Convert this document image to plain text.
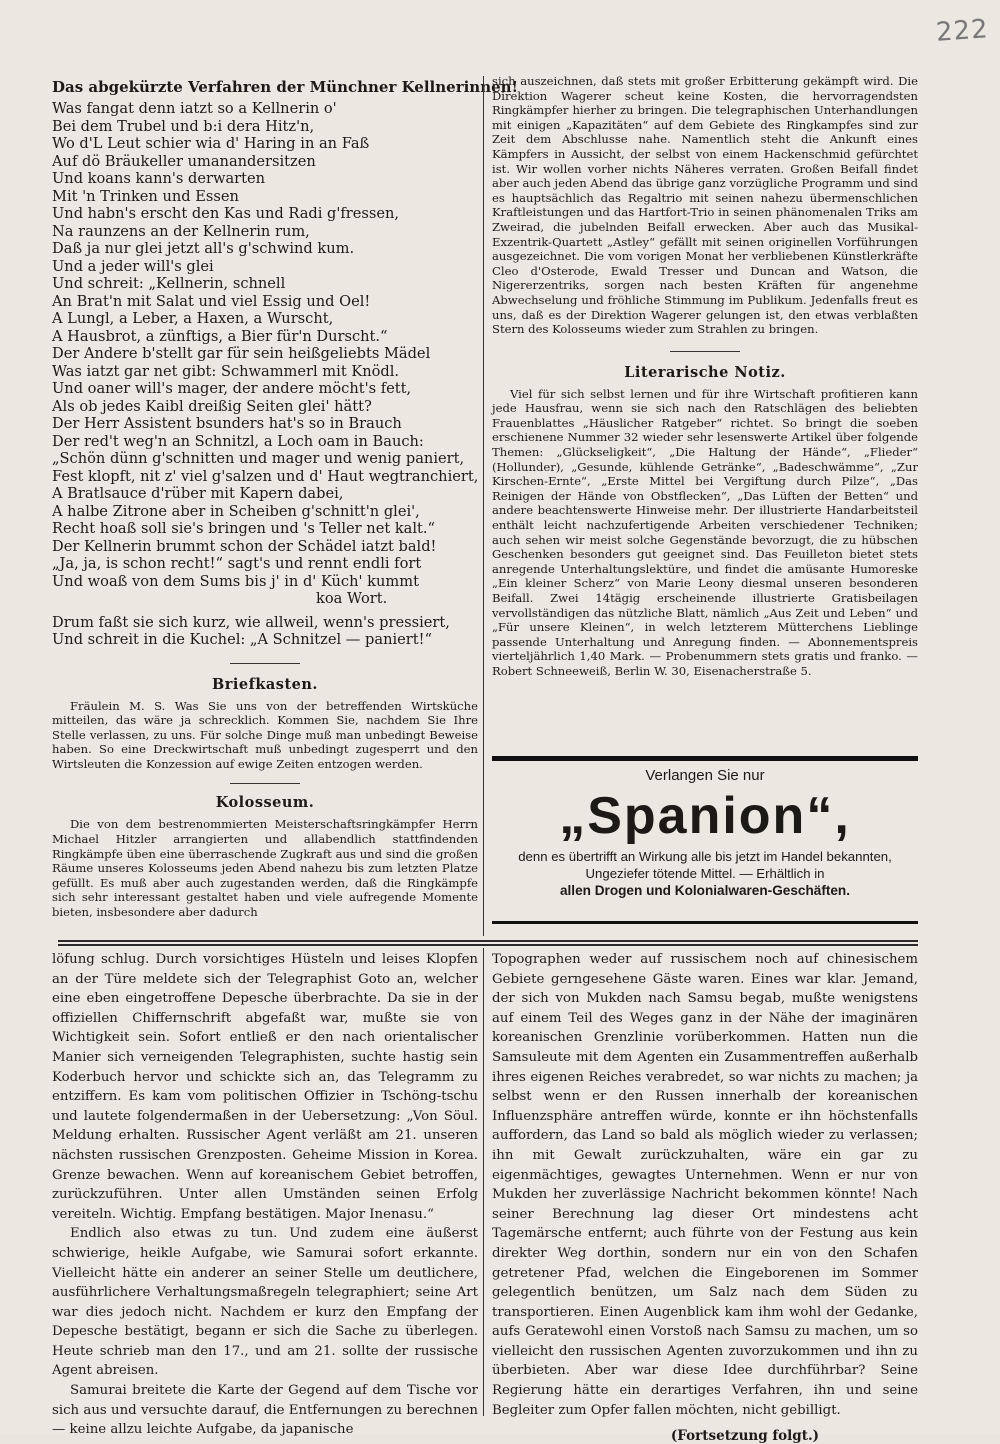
222
Das abgekürzte Verfahren der Münchner Kellnerinnen!
Was fangat denn iatzt so a Kellnerin o'
Bei dem Trubel und b:i dera Hitz'n,
Wo d'L Leut schier wia d' Haring in an Faß
Auf dö Bräukeller umanandersitzen
Und koans kann's derwarten
Mit 'n Trinken und Essen
Und habn's erscht den Kas und Radi g'fressen,
Na raunzens an der Kellnerin rum,
Daß ja nur glei jetzt all's g'schwind kum.
Und a jeder will's glei
Und schreit: „Kellnerin, schnell
An Brat'n mit Salat und viel Essig und Oel!
A Lungl, a Leber, a Haxen, a Wurscht,
A Hausbrot, a zünftigs, a Bier für'n Durscht.“
Der Andere b'stellt gar für sein heißgeliebts Mädel
Was iatzt gar net gibt: Schwammerl mit Knödl.
Und oaner will's mager, der andere möcht's fett,
Als ob jedes Kaibl dreißig Seiten glei' hätt?
Der Herr Assistent bsunders hat's so in Brauch
Der red't weg'n an Schnitzl, a Loch oam in Bauch:
„Schön dünn g'schnitten und mager und wenig paniert,
Fest klopft, nit z' viel g'salzen und d' Haut wegtranchiert,
A Bratlsauce d'rüber mit Kapern dabei,
A halbe Zitrone aber in Scheiben g'schnitt'n glei',
Recht hoaß soll sie's bringen und 's Teller net kalt.“
Der Kellnerin brummt schon der Schädel iatzt bald!
„Ja, ja, is schon recht!“ sagt's und rennt endli fort
Und woaß von dem Sums bis j' in d' Küch' kummt
koa Wort.
Drum faßt sie sich kurz, wie allweil, wenn's pressiert,
Und schreit in die Kuchel: „A Schnitzel — paniert!“
Briefkasten.

Fräulein M. S. Was Sie uns von der betreffenden Wirtsküche mitteilen, das wäre ja schrecklich. Kommen Sie, nachdem Sie Ihre Stelle verlassen, zu uns. Für solche Dinge muß man unbedingt Beweise haben. So eine Dreckwirtschaft muß unbedingt zugesperrt und den Wirtsleuten die Konzession auf ewige Zeiten entzogen werden.

Kolosseum.

Die von dem bestrenommierten Meisterschaftsringkämpfer Herrn Michael Hitzler arrangierten und allabendlich stattfindenden Ringkämpfe üben eine überraschende Zugkraft aus und sind die großen Räume unseres Kolosseums jeden Abend nahezu bis zum letzten Platze gefüllt. Es muß aber auch zugestanden werden, daß die Ringkämpfe sich sehr interessant gestaltet haben und viele aufregende Momente bieten, insbesondere aber dadurch

sich auszeichnen, daß stets mit großer Erbitterung gekämpft wird. Die Direktion Wagerer scheut keine Kosten, die hervorragendsten Ringkämpfer hierher zu bringen. Die telegraphischen Unterhandlungen mit einigen „Kapazitäten“ auf dem Gebiete des Ringkampfes sind zur Zeit dem Abschlusse nahe. Namentlich steht die Ankunft eines Kämpfers in Aussicht, der selbst von einem Hackenschmid gefürchtet ist. Wir wollen vorher nichts Näheres verraten. Großen Beifall findet aber auch jeden Abend das übrige ganz vorzügliche Programm und sind es hauptsächlich das Regaltrio mit seinen nahezu übermenschlichen Kraftleistungen und das Hartfort-Trio in seinen phänomenalen Triks am Zweirad, die jubelnden Beifall erwecken. Aber auch das Musikal-Exzentrik-Quartett „Astley“ gefällt mit seinen originellen Vorführungen ausgezeichnet. Die vom vorigen Monat her verbliebenen Künstlerkräfte Cleo d'Osterode, Ewald Tresser und Duncan and Watson, die Nigererzentriks, sorgen nach besten Kräften für angenehme Abwechselung und fröhliche Stimmung im Publikum. Jedenfalls freut es uns, daß es der Direktion Wagerer gelungen ist, den etwas verblaßten Stern des Kolosseums wieder zum Strahlen zu bringen.

Literarische Notiz.

Viel für sich selbst lernen und für ihre Wirtschaft profitieren kann jede Hausfrau, wenn sie sich nach den Ratschlägen des beliebten Frauenblattes „Häuslicher Ratgeber“ richtet. So bringt die soeben erschienene Nummer 32 wieder sehr lesenswerte Artikel über folgende Themen: „Glückseligkeit“, „Die Haltung der Hände“, „Flieder“ (Hollunder), „Gesunde, kühlende Getränke“, „Badeschwämme“, „Zur Kirschen-Ernte“, „Erste Mittel bei Vergiftung durch Pilze“, „Das Reinigen der Hände von Obstflecken“, „Das Lüften der Betten“ und andere beachtenswerte Hinweise mehr. Der illustrierte Handarbeitsteil enthält leicht nachzufertigende Arbeiten verschiedener Techniken; auch sehen wir meist solche Gegenstände bevorzugt, die zu hübschen Geschenken besonders gut geeignet sind. Das Feuilleton bietet stets anregende Unterhaltungslektüre, und findet die amüsante Humoreske „Ein kleiner Scherz“ von Marie Leony diesmal unseren besonderen Beifall. Zwei 14tägig erscheinende illustrierte Gratisbeilagen vervollständigen das nützliche Blatt, nämlich „Aus Zeit und Leben“ und „Für unsere Kleinen“, in welch letzterem Mütterchens Lieblinge passende Unterhaltung und Anregung finden. — Abonnementspreis vierteljährlich 1,40 Mark. — Probenummern stets gratis und franko. — Robert Schneeweiß, Berlin W. 30, Eisenacherstraße 5.

Verlangen Sie nur
„Spanion“,
denn es übertrifft an Wirkung alle bis jetzt im Handel bekannten, Ungeziefer tötende Mittel. — Erhältlich in
allen Drogen und Kolonialwaren-Geschäften.

löfung schlug. Durch vorsichtiges Hüsteln und leises Klopfen an der Türe meldete sich der Telegraphist Goto an, welcher eine eben eingetroffene Depesche überbrachte. Da sie in der offiziellen Chiffernschrift abgefaßt war, mußte sie von Wichtigkeit sein. Sofort entließ er den nach orientalischer Manier sich verneigenden Telegraphisten, suchte hastig sein Koderbuch hervor und schickte sich an, das Telegramm zu entziffern. Es kam vom politischen Offizier in Tschöng-tschu und lautete folgendermaßen in der Uebersetzung: „Von Söul. Meldung erhalten. Russischer Agent verläßt am 21. unseren nächsten russischen Grenzposten. Geheime Mission in Korea. Grenze bewachen. Wenn auf koreanischem Gebiet betroffen, zurückzuführen. Unter allen Umständen seinen Erfolg vereiteln. Wichtig. Empfang bestätigen. Major Inenasu.“

Endlich also etwas zu tun. Und zudem eine äußerst schwierige, heikle Aufgabe, wie Samurai sofort erkannte. Vielleicht hätte ein anderer an seiner Stelle um deutlichere, ausführlichere Verhaltungsmaßregeln telegraphiert; seine Art war dies jedoch nicht. Nachdem er kurz den Empfang der Depesche bestätigt, begann er sich die Sache zu überlegen. Heute schrieb man den 17., und am 21. sollte der russische Agent abreisen.

Samurai breitete die Karte der Gegend auf dem Tische vor sich aus und versuchte darauf, die Entfernungen zu berechnen — keine allzu leichte Aufgabe, da japanische

Topographen weder auf russischem noch auf chinesischem Gebiete gerngesehene Gäste waren. Eines war klar. Jemand, der sich von Mukden nach Samsu begab, mußte wenigstens auf einem Teil des Weges ganz in der Nähe der imaginären koreanischen Grenzlinie vorüberkommen. Hatten nun die Samsuleute mit dem Agenten ein Zusammentreffen außerhalb ihres eigenen Reiches verabredet, so war nichts zu machen; ja selbst wenn er den Russen innerhalb der koreanischen Influenzsphäre antreffen würde, konnte er ihn höchstenfalls auffordern, das Land so bald als möglich wieder zu verlassen; ihn mit Gewalt zurückzuhalten, wäre ein gar zu eigenmächtiges, gewagtes Unternehmen. Wenn er nur von Mukden her zuverlässige Nachricht bekommen könnte! Nach seiner Berechnung lag dieser Ort mindestens acht Tagemärsche entfernt; auch führte von der Festung aus kein direkter Weg dorthin, sondern nur ein von den Schafen getretener Pfad, welchen die Eingeborenen im Sommer gelegentlich benützen, um Salz nach dem Süden zu transportieren. Einen Augenblick kam ihm wohl der Gedanke, aufs Geratewohl einen Vorstoß nach Samsu zu machen, um so vielleicht den russischen Agenten zuvorzukommen und ihn zu überbieten. Aber war diese Idee durchführbar? Seine Regierung hätte ein derartiges Verfahren, ihn und seine Begleiter zum Opfer fallen möchten, nicht gebilligt.

(Fortsetzung folgt.)
